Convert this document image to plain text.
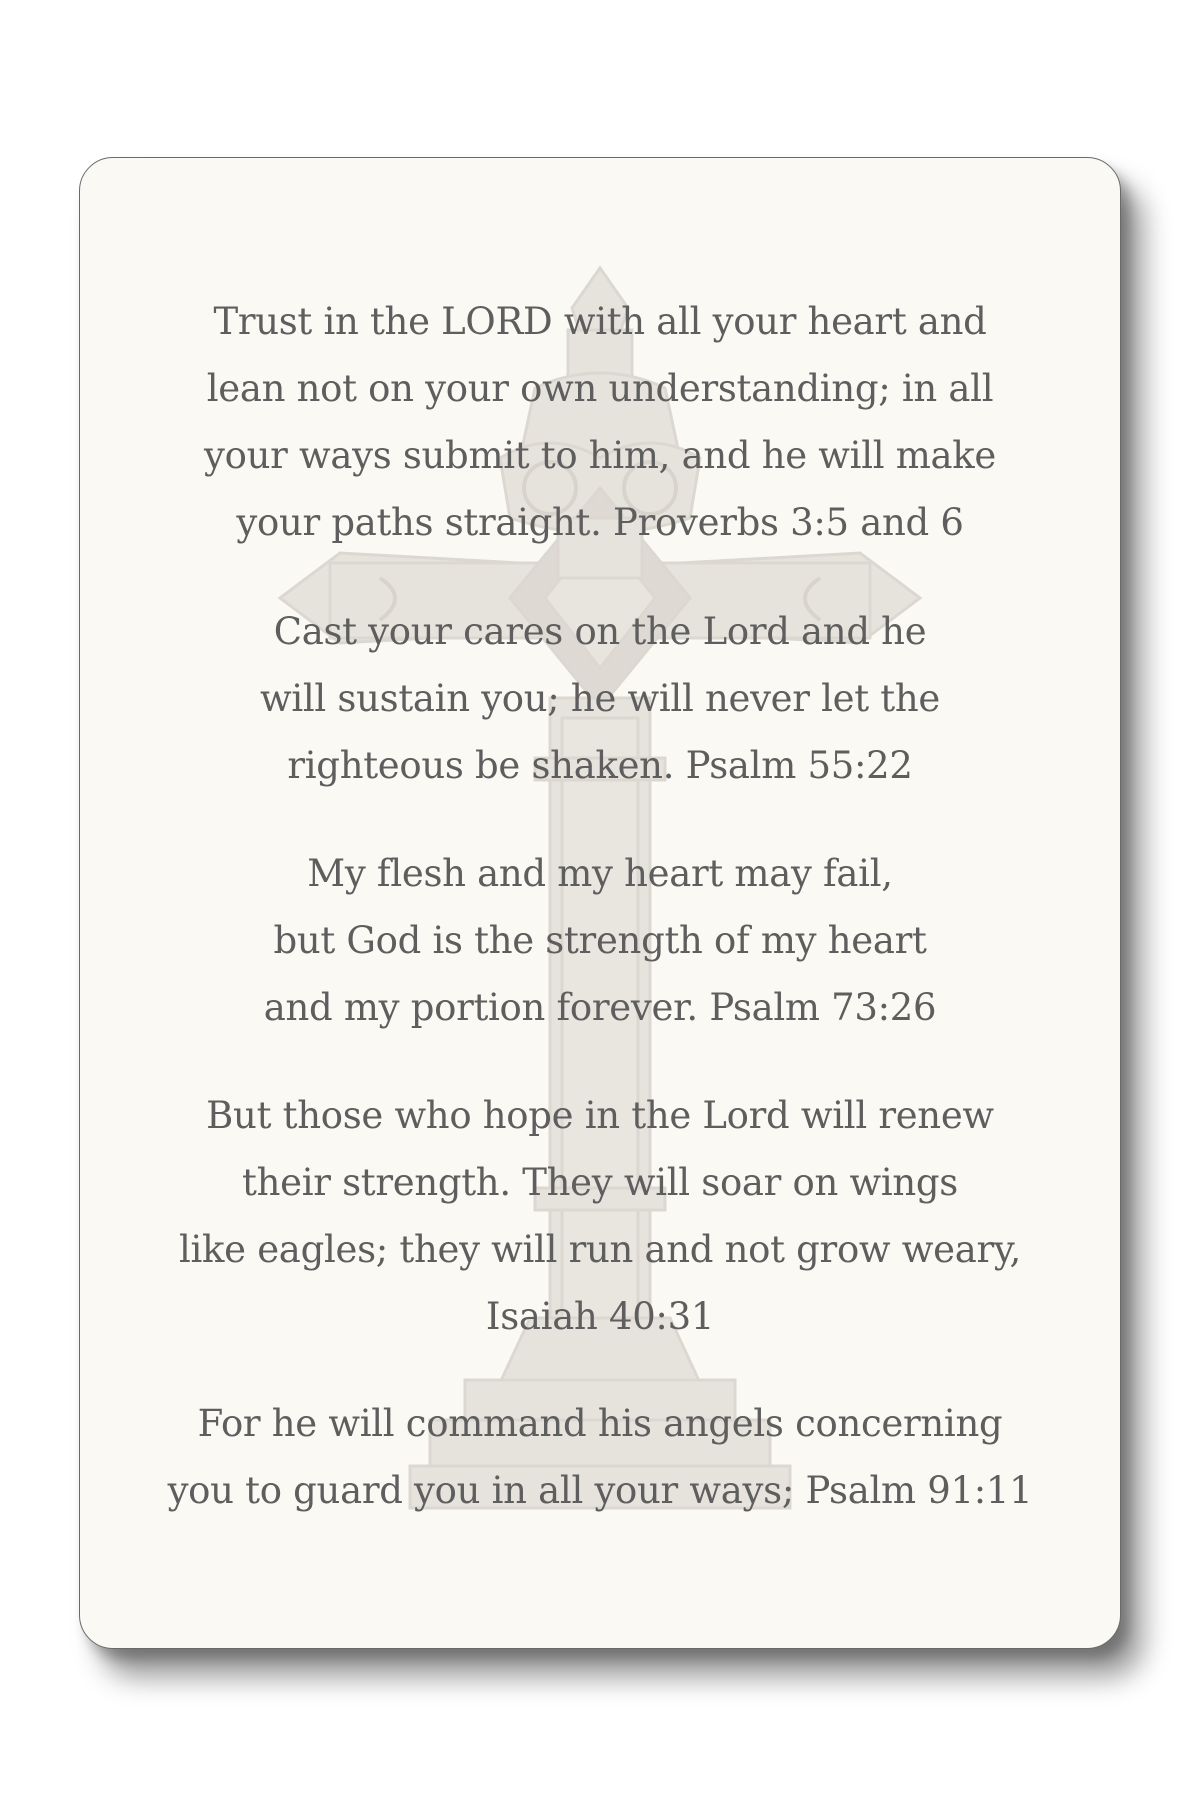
Trust in the LORD with all your heart and
lean not on your own understanding; in all
your ways submit to him, and he will make
your paths straight. Proverbs 3:5 and 6

Cast your cares on the Lord and he
will sustain you; he will never let the
righteous be shaken. Psalm 55:22

My flesh and my heart may fail,
but God is the strength of my heart
and my portion forever. Psalm 73:26

But those who hope in the Lord will renew
their strength. They will soar on wings
like eagles; they will run and not grow weary,
Isaiah 40:31

For he will command his angels concerning
you to guard you in all your ways; Psalm 91:11
